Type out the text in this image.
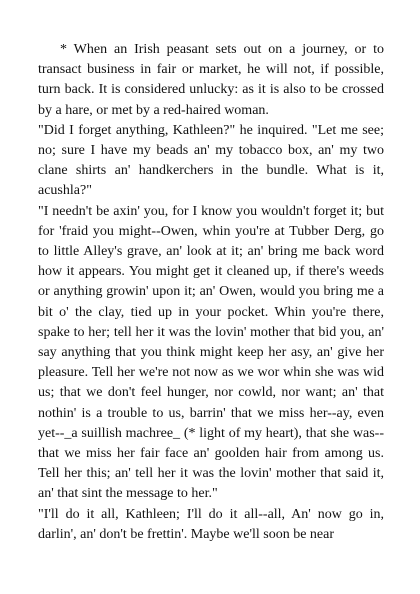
* When an Irish peasant sets out on a journey, or to transact business in fair or market, he will not, if possible, turn back. It is considered unlucky: as it is also to be crossed by a hare, or met by a red-haired woman.

"Did I forget anything, Kathleen?" he inquired. "Let me see; no; sure I have my beads an' my tobacco box, an' my two clane shirts an' handkerchers in the bundle. What is it, acushla?"

"I needn't be axin' you, for I know you wouldn't forget it; but for 'fraid you might--Owen, whin you're at Tubber Derg, go to little Alley's grave, an' look at it; an' bring me back word how it appears. You might get it cleaned up, if there's weeds or anything growin' upon it; an' Owen, would you bring me a bit o' the clay, tied up in your pocket. Whin you're there, spake to her; tell her it was the lovin' mother that bid you, an' say anything that you think might keep her asy, an' give her pleasure. Tell her we're not now as we wor whin she was wid us; that we don't feel hunger, nor cowld, nor want; an' that nothin' is a trouble to us, barrin' that we miss her--ay, even yet--_a suillish machree_ (* light of my heart), that she was--that we miss her fair face an' goolden hair from among us. Tell her this; an' tell her it was the lovin' mother that said it, an' that sint the message to her."

"I'll do it all, Kathleen; I'll do it all--all, An' now go in, darlin', an' don't be frettin'. Maybe we'll soon be near
